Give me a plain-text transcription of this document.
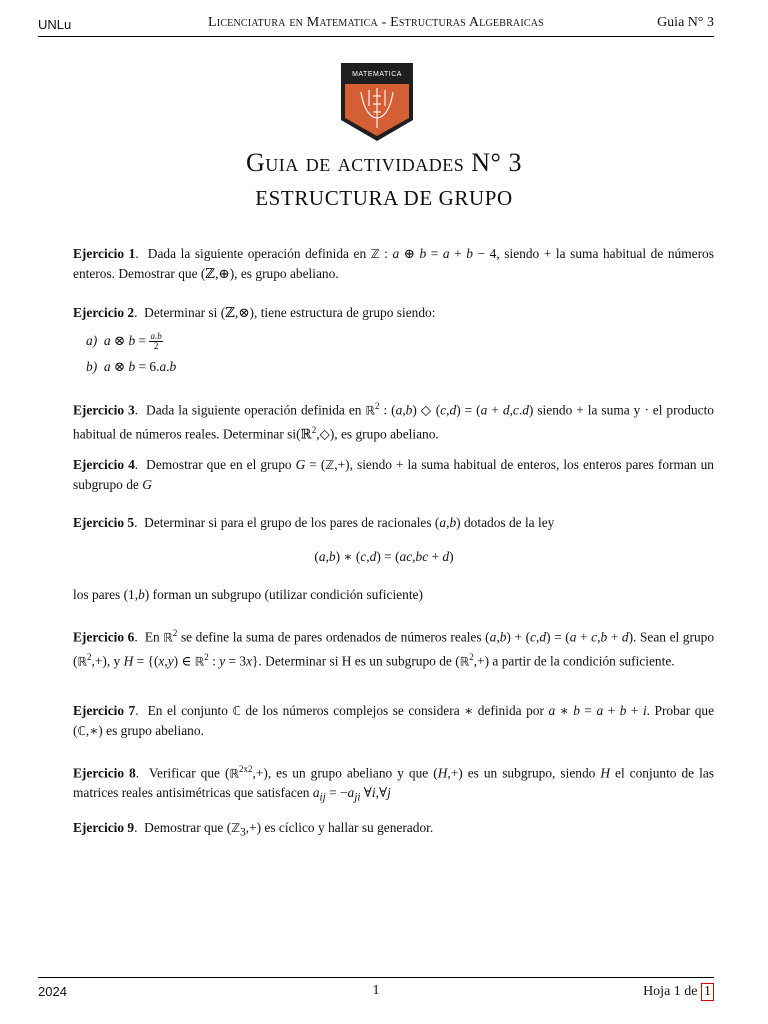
UNLu	Licenciatura en Matematica - Estructuras Algebraicas	Guia N° 3
MATEMATICA
Guia de actividades N° 3
ESTRUCTURA DE GRUPO
Ejercicio 1.  Dada la siguiente operación definida en ℤ : a ⊕ b = a + b − 4, siendo + la suma habitual de números enteros. Demostrar que (ℤ,⊕), es grupo abeliano.
Ejercicio 2.  Determinar si (ℤ,⊗), tiene estructura de grupo siendo:
a) a ⊗ $b = \frac{a.b}{2}$
b) a ⊗ b = 6.a.b
Ejercicio 3.  Dada la siguiente operación definida en ℝ$^2$ : (a,b) ◇ (c,d) = (a + d,c.d) siendo + la suma y · el producto habitual de números reales. Determinar si(ℝ$^2$,◇), es grupo abeliano.
Ejercicio 4.  Demostrar que en el grupo G = (ℤ,+), siendo + la suma habitual de enteros, los enteros pares forman un subgrupo de G
Ejercicio 5.  Determinar si para el grupo de los pares de racionales (a,b) dotados de la ley
(a,b) ∗ (c,d) = (ac,bc + d)
los pares (1,b) forman un subgrupo (utilizar condición suficiente)
Ejercicio 6.  En ℝ$^2$ se define la suma de pares ordenados de números reales (a,b) + (c,d) = (a + c,b + d). Sean el grupo (ℝ$^2$,+), y H = {(x,y) ∈ ℝ$^2$ : y = 3x}. Determinar si H es un subgrupo de (ℝ$^2$,+) a partir de la condición suficiente.
Ejercicio 7.  En el conjunto ℂ de los números complejos se considera ∗ definida por a ∗ b = a + b + i. Probar que (ℂ,∗) es grupo abeliano.
Ejercicio 8.  Verificar que (ℝ$^{2x2}$,+), es un grupo abeliano y que (H,+) es un subgrupo, siendo H el conjunto de las matrices reales antisimétricas que satisfacen $a_{ij} = -a_{ji}$ ∀i,∀j
Ejercicio 9.  Demostrar que (ℤ$_3$,+) es cíclico y hallar su generador.
2024	1	Hoja 1 de 1
